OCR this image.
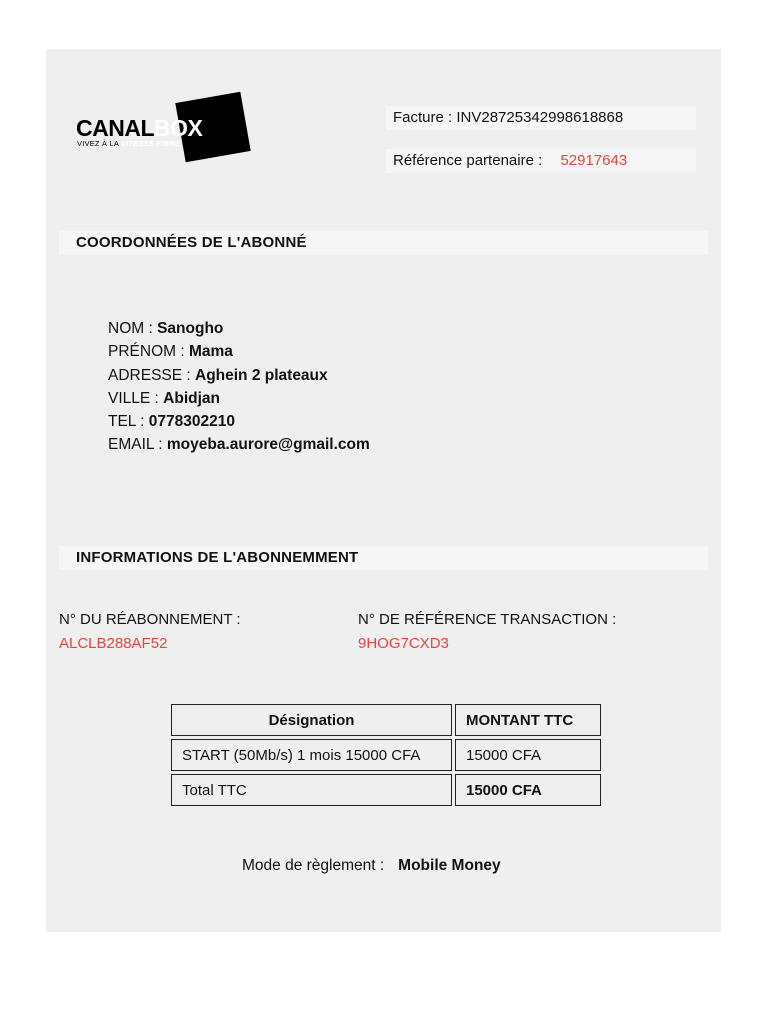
CANAL BOX
VIVEZ À LA VITESSE FIBRE
Facture : INV28725342998618868
Référence partenaire : 52917643
COORDONNÉES DE L'ABONNÉ
NOM : Sanogho
PRÉNOM : Mama
ADRESSE : Aghein 2 plateaux
VILLE : Abidjan
TEL : 0778302210
EMAIL : moyeba.aurore@gmail.com
INFORMATIONS DE L'ABONNEMMENT
N° DU RÉABONNEMENT :
ALCLB288AF52
N° DE RÉFÉRENCE TRANSACTION :
9HOG7CXD3
Désignation	MONTANT TTC
START (50Mb/s) 1 mois 15000 CFA	15000 CFA
Total TTC	15000 CFA
Mode de règlement : Mobile Money
